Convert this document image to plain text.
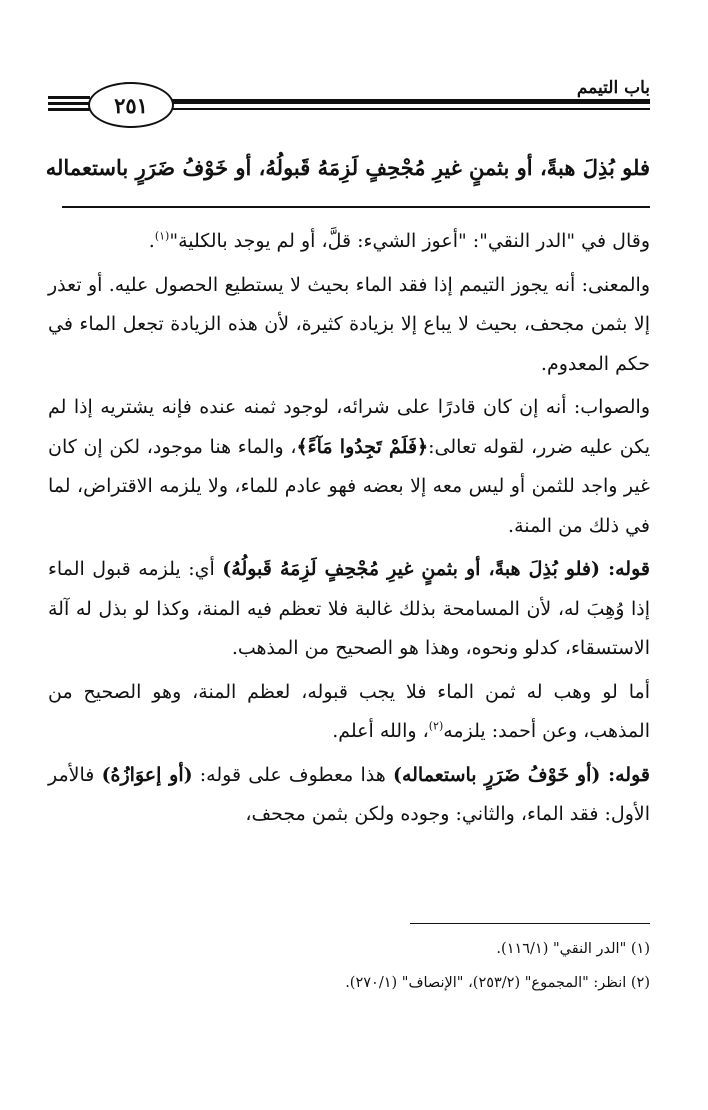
باب التيمم
٢٥١
فلو بُذِلَ هبةً، أو بثمنٍ غيرِ مُجْحِفٍ لَزِمَهُ قَبولُهُ، أو خَوْفُ ضَرَرٍ باستعماله

وقال في "الدر النقي": "أعوز الشيء: قلَّ، أو لم يوجد بالكلية"$^{(١)}$.

والمعنى: أنه يجوز التيمم إذا فقد الماء بحيث لا يستطيع الحصول عليه. أو تعذر إلا بثمن مجحف، بحيث لا يباع إلا بزيادة كثيرة، لأن هذه الزيادة تجعل الماء في حكم المعدوم.

والصواب: أنه إن كان قادرًا على شرائه، لوجود ثمنه عنده فإنه يشتريه إذا لم يكن عليه ضرر، لقوله تعالى:﴿فَلَمْ تَجِدُوا مَآءً﴾، والماء هنا موجود، لكن إن كان غير واجد للثمن أو ليس معه إلا بعضه فهو عادم للماء، ولا يلزمه الاقتراض، لما في ذلك من المنة.

قوله: (فلو بُذِلَ هبةً، أو بثمنٍ غيرِ مُجْحِفٍ لَزِمَهُ قَبولُهُ) أي: يلزمه قبول الماء إذا وُهِبَ له، لأن المسامحة بذلك غالبة فلا تعظم فيه المنة، وكذا لو بذل له آلة الاستسقاء، كدلو ونحوه، وهذا هو الصحيح من المذهب.

أما لو وهب له ثمن الماء فلا يجب قبوله، لعظم المنة، وهو الصحيح من المذهب، وعن أحمد: يلزمه$^{(٢)}$، والله أعلم.

قوله: (أو خَوْفُ ضَرَرٍ باستعماله) هذا معطوف على قوله: (أو إعوَازُهُ) فالأمر الأول: فقد الماء، والثاني: وجوده ولكن بثمن مجحف،

(١) "الدر النقي" (١١٦/١).

(٢) انظر: "المجموع" (٢٥٣/٢)، "الإنصاف" (٢٧٠/١).
